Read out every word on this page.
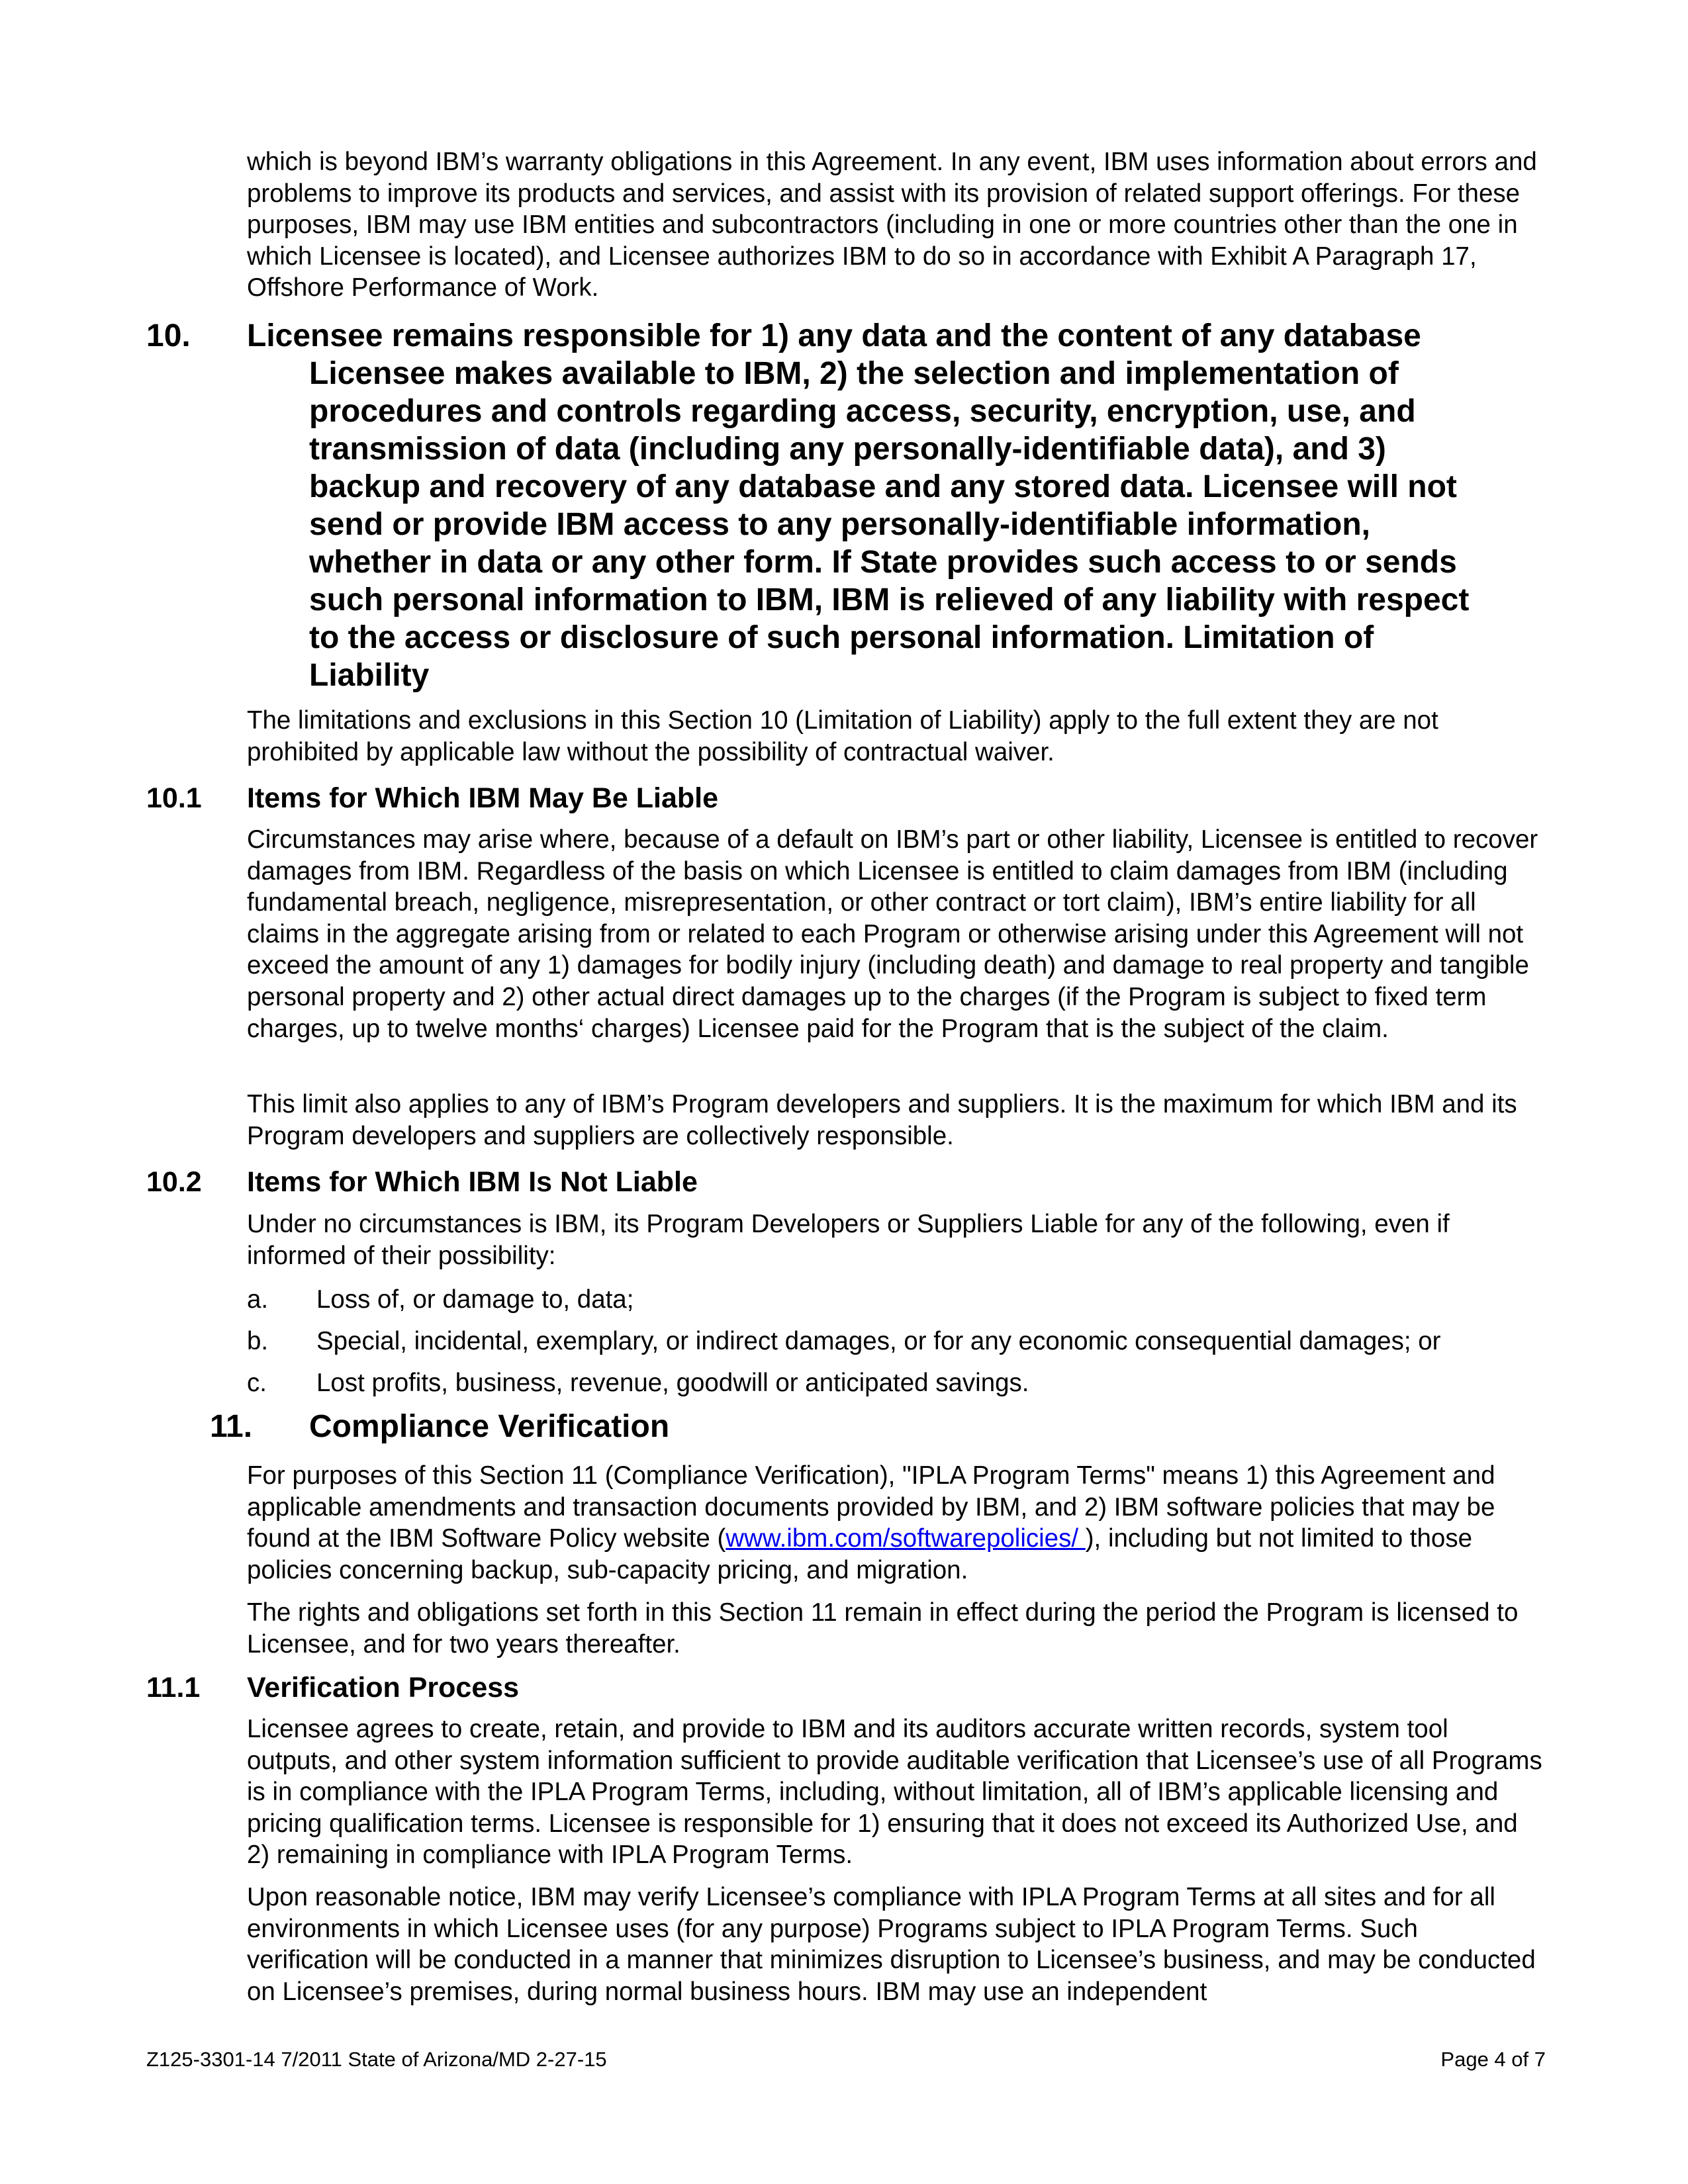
which is beyond IBM’s warranty obligations in this Agreement. In any event, IBM uses information about errors and problems to improve its products and services, and assist with its provision of related support offerings. For these purposes, IBM may use IBM entities and subcontractors (including in one or more countries other than the one in which Licensee is located), and Licensee authorizes IBM to do so in accordance with Exhibit A Paragraph 17, Offshore Performance of Work.

10. Licensee remains responsible for 1) any data and the content of any database
Licensee makes available to IBM, 2) the selection and implementation of
procedures and controls regarding access, security, encryption, use, and
transmission of data (including any personally-identifiable data), and 3)
backup and recovery of any database and any stored data. Licensee will not
send or provide IBM access to any personally-identifiable information,
whether in data or any other form. If State provides such access to or sends
such personal information to IBM, IBM is relieved of any liability with respect
to the access or disclosure of such personal information. Limitation of
Liability

The limitations and exclusions in this Section 10 (Limitation of Liability) apply to the full extent they are not prohibited by applicable law without the possibility of contractual waiver.

10.1 Items for Which IBM May Be Liable

Circumstances may arise where, because of a default on IBM’s part or other liability, Licensee is entitled to recover damages from IBM. Regardless of the basis on which Licensee is entitled to claim damages from IBM (including fundamental breach, negligence, misrepresentation, or other contract or tort claim), IBM’s entire liability for all claims in the aggregate arising from or related to each Program or otherwise arising under this Agreement will not exceed the amount of any 1) damages for bodily injury (including death) and damage to real property and tangible personal property and 2) other actual direct damages up to the charges (if the Program is subject to fixed term charges, up to twelve months‘ charges) Licensee paid for the Program that is the subject of the claim.

This limit also applies to any of IBM’s Program developers and suppliers. It is the maximum for which IBM and its Program developers and suppliers are collectively responsible.

10.2 Items for Which IBM Is Not Liable

Under no circumstances is IBM, its Program Developers or Suppliers Liable for any of the following, even if informed of their possibility:

a. Loss of, or damage to, data;
b. Special, incidental, exemplary, or indirect damages, or for any economic consequential damages; or
c. Lost profits, business, revenue, goodwill or anticipated savings.
11. Compliance Verification

For purposes of this Section 11 (Compliance Verification), "IPLA Program Terms" means 1) this Agreement and applicable amendments and transaction documents provided by IBM, and 2) IBM software policies that may be found at the IBM Software Policy website (www.ibm.com/softwarepolicies/ ), including but not limited to those policies concerning backup, sub-capacity pricing, and migration.

The rights and obligations set forth in this Section 11 remain in effect during the period the Program is licensed to Licensee, and for two years thereafter.

11.1 Verification Process

Licensee agrees to create, retain, and provide to IBM and its auditors accurate written records, system tool outputs, and other system information sufficient to provide auditable verification that Licensee’s use of all Programs is in compliance with the IPLA Program Terms, including, without limitation, all of IBM’s applicable licensing and pricing qualification terms. Licensee is responsible for 1) ensuring that it does not exceed its Authorized Use, and 2) remaining in compliance with IPLA Program Terms.

Upon reasonable notice, IBM may verify Licensee’s compliance with IPLA Program Terms at all sites and for all environments in which Licensee uses (for any purpose) Programs subject to IPLA Program Terms. Such verification will be conducted in a manner that minimizes disruption to Licensee’s business, and may be conducted on Licensee’s premises, during normal business hours. IBM may use an independent

Z125-3301-14 7/2011 State of Arizona/MD 2-27-15	Page 4 of 7
